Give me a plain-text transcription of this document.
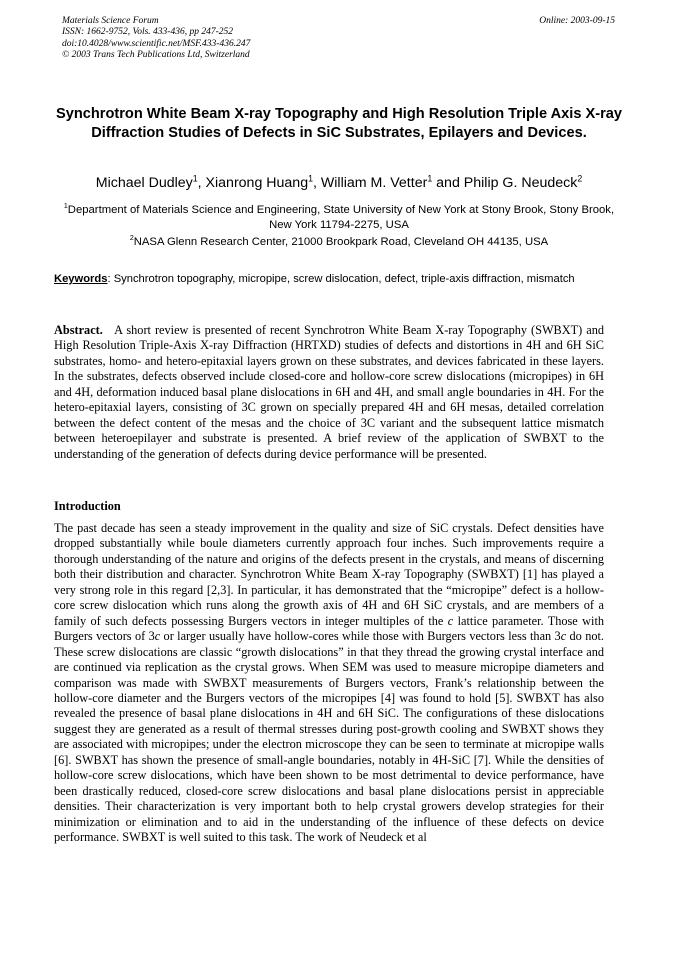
Materials Science Forum
ISSN: 1662-9752, Vols. 433-436, pp 247-252
doi:10.4028/www.scientific.net/MSF.433-436.247
© 2003 Trans Tech Publications Ltd, Switzerland
Online: 2003-09-15
Synchrotron White Beam X-ray Topography and High Resolution Triple Axis X-ray Diffraction Studies of Defects in SiC Substrates, Epilayers and Devices.
Michael Dudley$^1$, Xianrong Huang$^1$, William M. Vetter$^1$ and Philip G. Neudeck$^2$
$^1$Department of Materials Science and Engineering, State University of New York at Stony Brook, Stony Brook, New York 11794-2275, USA
$^2$NASA Glenn Research Center, 21000 Brookpark Road, Cleveland OH 44135, USA
Keywords: Synchrotron topography, micropipe, screw dislocation, defect, triple-axis diffraction, mismatch
Abstract. A short review is presented of recent Synchrotron White Beam X-ray Topography (SWBXT) and High Resolution Triple-Axis X-ray Diffraction (HRTXD) studies of defects and distortions in 4H and 6H SiC substrates, homo- and hetero-epitaxial layers grown on these substrates, and devices fabricated in these layers. In the substrates, defects observed include closed-core and hollow-core screw dislocations (micropipes) in 6H and 4H, deformation induced basal plane dislocations in 6H and 4H, and small angle boundaries in 4H. For the hetero-epitaxial layers, consisting of 3C grown on specially prepared 4H and 6H mesas, detailed correlation between the defect content of the mesas and the choice of 3C variant and the subsequent lattice mismatch between heteroepilayer and substrate is presented. A brief review of the application of SWBXT to the understanding of the generation of defects during device performance will be presented.
Introduction
The past decade has seen a steady improvement in the quality and size of SiC crystals. Defect densities have dropped substantially while boule diameters currently approach four inches. Such improvements require a thorough understanding of the nature and origins of the defects present in the crystals, and means of discerning both their distribution and character. Synchrotron White Beam X-ray Topography (SWBXT) [1] has played a very strong role in this regard [2,3]. In particular, it has demonstrated that the “micropipe” defect is a hollow-core screw dislocation which runs along the growth axis of 4H and 6H SiC crystals, and are members of a family of such defects possessing Burgers vectors in integer multiples of the c lattice parameter. Those with Burgers vectors of 3c or larger usually have hollow-cores while those with Burgers vectors less than 3c do not. These screw dislocations are classic “growth dislocations” in that they thread the growing crystal interface and are continued via replication as the crystal grows. When SEM was used to measure micropipe diameters and comparison was made with SWBXT measurements of Burgers vectors, Frank’s relationship between the hollow-core diameter and the Burgers vectors of the micropipes [4] was found to hold [5]. SWBXT has also revealed the presence of basal plane dislocations in 4H and 6H SiC. The configurations of these dislocations suggest they are generated as a result of thermal stresses during post-growth cooling and SWBXT shows they are associated with micropipes; under the electron microscope they can be seen to terminate at micropipe walls [6]. SWBXT has shown the presence of small-angle boundaries, notably in 4H-SiC [7]. While the densities of hollow-core screw dislocations, which have been shown to be most detrimental to device performance, have been drastically reduced, closed-core screw dislocations and basal plane dislocations persist in appreciable densities. Their characterization is very important both to help crystal growers develop strategies for their minimization or elimination and to aid in the understanding of the influence of these defects on device performance. SWBXT is well suited to this task. The work of Neudeck et al
